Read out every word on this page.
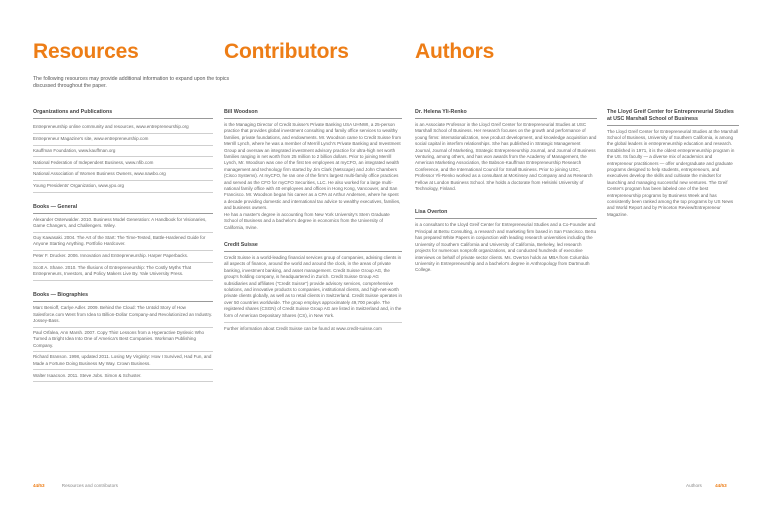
Resources	Contributors	Authors
The following resources may provide additional information to expand upon the topics discussed throughout the paper.
Organizations and Publications
Entrepreneurship online community and resources, www.entrepreneurship.org
Entrepreneur Magazine's site, www.entrepreneurship.com
Kauffman Foundation, www.kauffman.org
National Federation of Independent Business, www.nfib.com
National Association of Women Business Owners, www.nawbo.org
Young Presidents' Organization, www.ypo.org
Books — General
Alexander Osterwalder. 2010. Business Model Generation: A Handbook for Visionaries, Game Changers, and Challengers. Wiley.
Guy Kawasaki. 2004. The Art of the Start: The Time-Tested, Battle-Hardened Guide for Anyone Starting Anything. Portfolio Hardcover.
Peter F. Drucker. 2006. Innovation and Entrepreneurship. Harper Paperbacks.
Scott A. Shane. 2010. The Illusions of Entrepreneurship: The Costly Myths That Entrepreneurs, Investors, and Policy Makers Live By. Yale University Press.
Books — Biographies
Marc Benioff, Carlye Adler. 2009. Behind the Cloud: The Untold Story of How Salesforce.com Went from Idea to Billion-Dollar Company-and Revolutionized an Industry. Jossey-Bass.
Paul Orfalea, Ann Marsh. 2007. Copy This! Lessons from a Hyperactive Dyslexic Who Turned a Bright Idea Into One of America's Best Companies. Workman Publishing Company.
Richard Branson. 1998, updated 2011. Losing My Virginity: How I Survived, Had Fun, and Made a Fortune Doing Business My Way. Crown Business.
Walter Isaacson. 2011. Steve Jobs. Simon & Schuster.
Bill Woodson

is the Managing Director of Credit Suisse's Private Banking USA UHNWI, a 25-person practice that provides global investment consulting and family office services to wealthy families, private foundations, and endowments. Mr. Woodson came to Credit Suisse from Merrill Lynch, where he was a member of Merrill Lynch's Private Banking and Investment Group and oversaw an integrated investment advisory practice for ultra-high net worth families ranging in net worth from 25 million to 2 billion dollars. Prior to joining Merrill Lynch, Mr. Woodson was one of the first ten employees at myCFO, an integrated wealth management and technology firm started by Jim Clark (Netscape) and John Chambers (Cisco Systems). At myCFO, he ran one of the firm's largest multi-family office practices and served as the CFO for myCFO Securities, LLC. He also worked for a large multi-national family office with 40 employees and offices in Hong Kong, Vancouver, and San Francisco. Mr. Woodson began his career as a CPA at Arthur Andersen, where he spent a decade providing domestic and international tax advice to wealthy executives, families, and business owners.

He has a master's degree in accounting from New York University's Stern Graduate School of Business and a bachelor's degree in economics from the University of California, Irvine.

Credit Suisse

Credit Suisse is a world-leading financial services group of companies, advising clients in all aspects of finance, around the world and around the clock, in the areas of private banking, investment banking, and asset management. Credit Suisse Group AG, the group's holding company, is headquartered in Zurich. Credit Suisse Group AG subsidiaries and affiliates ("Credit Suisse") provide advisory services, comprehensive solutions, and innovative products to companies, institutional clients, and high-net-worth private clients globally, as well as to retail clients in Switzerland. Credit Suisse operates in over 50 countries worldwide. The group employs approximately 49,700 people. The registered shares (CSGN) of Credit Suisse Group AG are listed in Switzerland and, in the form of American Depositary Shares (CS), in New York.

Further information about Credit Suisse can be found at www.credit-suisse.com

Dr. Helena Yli-Renko

is an Associate Professor in the Lloyd Greif Center for Entrepreneurial Studies at USC Marshall School of Business. Her research focuses on the growth and performance of young firms: internationalization, new product development, and knowledge acquisition and social capital in interfirm relationships. She has published in Strategic Management Journal, Journal of Marketing, Strategic Entrepreneurship Journal, and Journal of Business Venturing, among others, and has won awards from the Academy of Management, the American Marketing Association, the Babson-Kauffman Entrepreneurship Research Conference, and the International Council for Small Business. Prior to joining USC, Professor Yli-Renko worked as a consultant at McKinsey and Company and as Research Fellow at London Business School. She holds a doctorate from Helsinki University of Technology, Finland.

Lisa Overton

is a consultant to the Lloyd Greif Center for Entrepreneurial Studies and a Co-Founder and Principal at BeSu Consulting, a research and marketing firm based in San Francisco. BeSu has prepared White Papers in conjunction with leading research universities including the University of Southern California and University of California, Berkeley, led research projects for numerous nonprofit organizations, and conducted hundreds of executive interviews on behalf of private sector clients. Ms. Overton holds an MBA from Columbia University in Entrepreneurship and a bachelor's degree in Anthropology from Dartmouth College.

The Lloyd Greif Center for Entrepreneurial Studies at USC Marshall School of Business

The Lloyd Greif Center for Entrepreneurial Studies at the Marshall School of Business, University of Southern California, is among the global leaders in entrepreneurship education and research. Established in 1971, it is the oldest entrepreneurship program in the US. Its faculty — a diverse mix of academics and entrepreneur practitioners — offer undergraduate and graduate programs designed to help students, entrepreneurs, and executives develop the skills and cultivate the mindset for launching and managing successful new ventures. The Greif Center's program has been labeled one of the best entrepreneurship programs by Business Week and has consistently been ranked among the top programs by US News and World Report and by Princeton Review/Entrepreneur Magazine.

44/53	Resources and contributors	Authors	44/53
